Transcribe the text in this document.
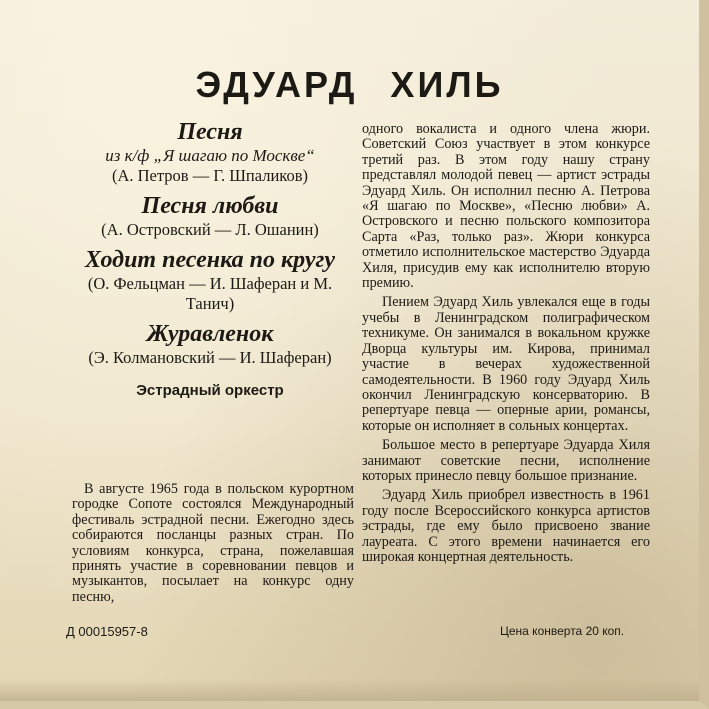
ЭДУАРД ХИЛЬ
Песня
из к/ф „Я шагаю по Москве“
(А. Петров — Г. Шпаликов)
Песня любви
(А. Островский — Л. Ошанин)
Ходит песенка по кругу
(О. Фельцман — И. Шаферан и М. Танич)
Журавленок
(Э. Колмановский — И. Шаферан)
Эстрадный оркестр

В августе 1965 года в польском курортном городке Сопоте состоялся Международный фестиваль эстрадной песни. Ежегодно здесь собираются посланцы разных стран. По условиям конкурса, страна, пожелавшая принять участие в соревновании певцов и музыкантов, посылает на конкурс одну песню,

одного вокалиста и одного члена жюри. Советский Союз участвует в этом конкурсе третий раз. В этом году нашу страну представлял молодой певец — артист эстрады Эдуард Хиль. Он исполнил песню А. Петрова «Я шагаю по Москве», «Песню любви» А. Островского и песню польского композитора Сарта «Раз, только раз». Жюри конкурса отметило исполнительское мастерство Эдуарда Хиля, присудив ему как исполнителю вторую премию.

Пением Эдуард Хиль увлекался еще в годы учебы в Ленинградском полиграфическом техникуме. Он занимался в вокальном кружке Дворца культуры им. Кирова, принимал участие в вечерах художественной самодеятельности. В 1960 году Эдуард Хиль окончил Ленинградскую консерваторию. В репертуаре певца — оперные арии, романсы, которые он исполняет в сольных концертах.

Большое место в репертуаре Эдуарда Хиля занимают советские песни, исполнение которых принесло певцу большое признание.

Эдуард Хиль приобрел известность в 1961 году после Всероссийского конкурса артистов эстрады, где ему было присвоено звание лауреата. С этого времени начинается его широкая концертная деятельность.

Д 00015957-8	Цена конверта 20 коп.
